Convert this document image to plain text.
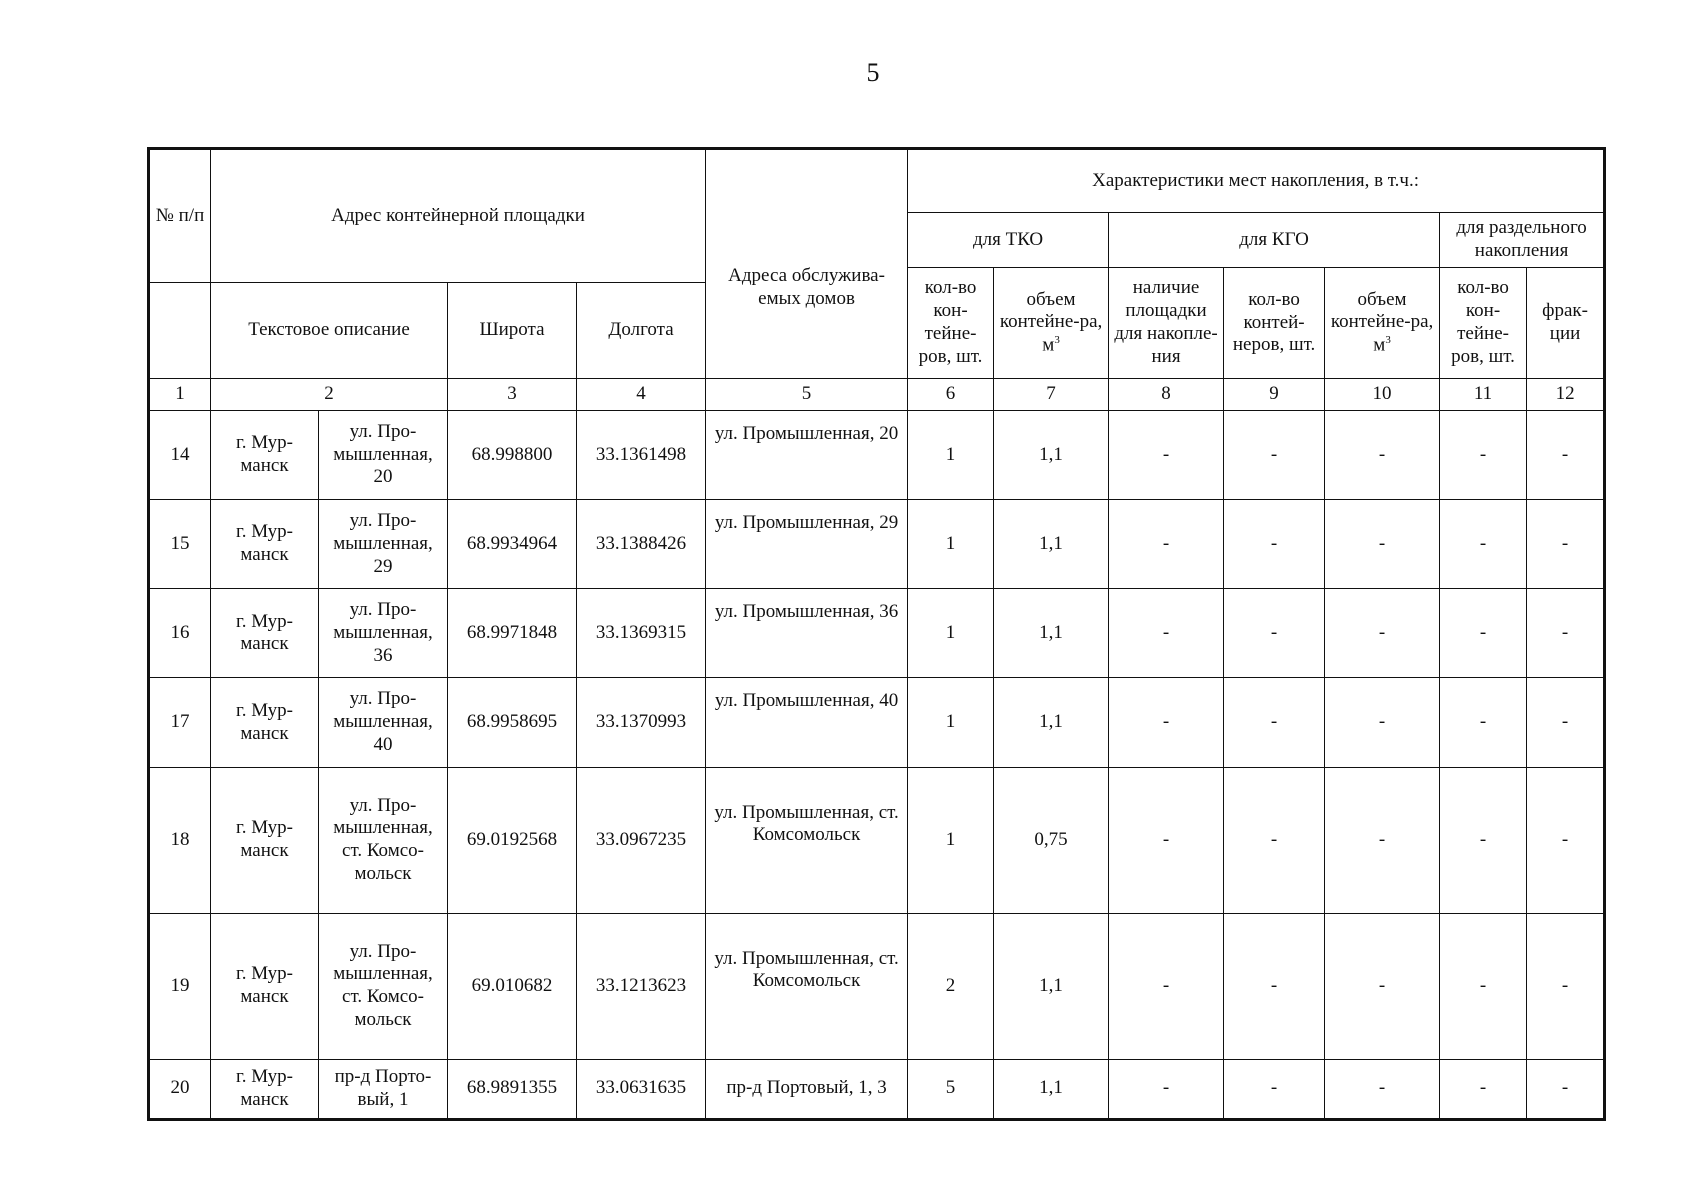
5
№ п/п	Адрес контейнерной площадки				Адреса обслужива-емых домов	Характеристики мест накопления, в т.ч.:						
						для ТКО		для КГО			для раздельного накопления	
						кол-во кон-тейне-ров, шт.	объем контейне-ра, $м^3$	наличие площадки для накопле-ния	кол-во контей-неров, шт.	объем контейне-ра, $м^3$	кол-во кон-тейне-ров, шт.	фрак-ции
	Текстовое описание		Широта	Долгота								
1	2		3	4	5	6	7	8	9	10	11	12
14	г. Мур-манск	ул. Про-мышленная, 20	68.998800	33.1361498	ул. Промышленная, 20	1	1,1	-	-	-	-	-
15	г. Мур-манск	ул. Про-мышленная, 29	68.9934964	33.1388426	ул. Промышленная, 29	1	1,1	-	-	-	-	-
16	г. Мур-манск	ул. Про-мышленная, 36	68.9971848	33.1369315	ул. Промышленная, 36	1	1,1	-	-	-	-	-
17	г. Мур-манск	ул. Про-мышленная, 40	68.9958695	33.1370993	ул. Промышленная, 40	1	1,1	-	-	-	-	-
18	г. Мур-манск	ул. Про-мышленная, ст. Комсо-мольск	69.0192568	33.0967235	ул. Промышленная, ст. Комсомольск	1	0,75	-	-	-	-	-
19	г. Мур-манск	ул. Про-мышленная, ст. Комсо-мольск	69.010682	33.1213623	ул. Промышленная, ст. Комсомольск	2	1,1	-	-	-	-	-
20	г. Мур-манск	пр-д Порто-вый, 1	68.9891355	33.0631635	пр-д Портовый, 1, 3	5	1,1	-	-	-	-	-
